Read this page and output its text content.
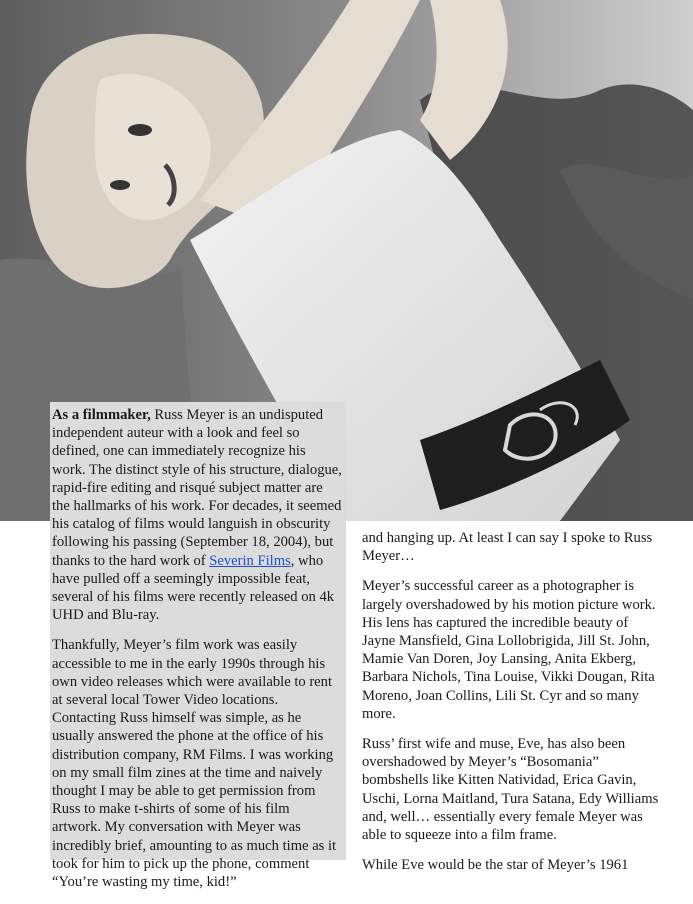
As a filmmaker, Russ Meyer is an undisputed independent auteur with a look and feel so defined, one can immediately recognize his work. The distinct style of his structure, dialogue, rapid-fire editing and risqué subject matter are the hallmarks of his work. For decades, it seemed his catalog of films would languish in obscurity following his passing (September 18, 2004), but thanks to the hard work of Severin Films, who have pulled off a seemingly impossible feat, several of his films were recently released on 4k UHD and Blu-ray.

Thankfully, Meyer’s film work was easily accessible to me in the early 1990s through his own video releases which were available to rent at several local Tower Video locations. Contacting Russ himself was simple, as he usually answered the phone at the office of his distribution company, RM Films. I was working on my small film zines at the time and naively thought I may be able to get permission from Russ to make t-shirts of some of his film artwork. My conversation with Meyer was incredibly brief, amounting to as much time as it took for him to pick up the phone, comment “You’re wasting my time, kid!”

and hanging up. At least I can say I spoke to Russ Meyer…

Meyer’s successful career as a photographer is largely overshadowed by his motion picture work. His lens has captured the incredible beauty of Jayne Mansfield, Gina Lollobrigida, Jill St. John, Mamie Van Doren, Joy Lansing, Anita Ekberg, Barbara Nichols, Tina Louise, Vikki Dougan, Rita Moreno, Joan Collins, Lili St. Cyr and so many more.

Russ’ first wife and muse, Eve, has also been overshadowed by Meyer’s “Bosomania” bombshells like Kitten Natividad, Erica Gavin, Uschi, Lorna Maitland, Tura Satana, Edy Williams and, well… essentially every female Meyer was able to squeeze into a film frame.

While Eve would be the star of Meyer’s 1961
